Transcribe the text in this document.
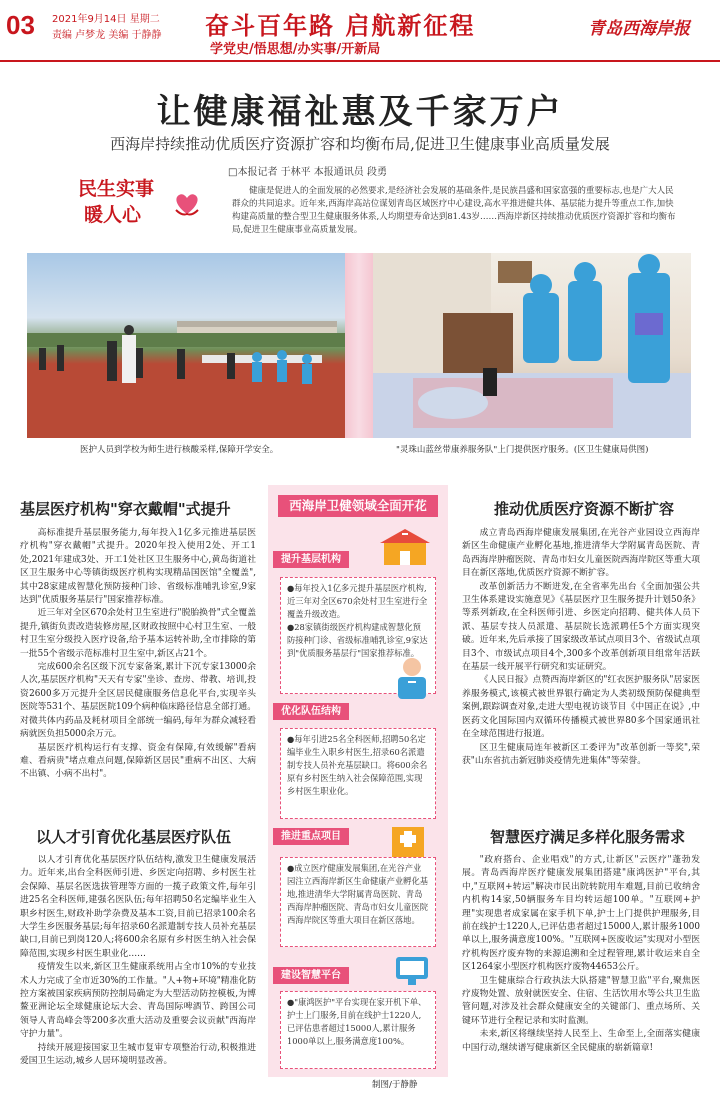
03 2021年9月14日 星期二
责编 卢梦龙 美编 于静静 奋斗百年路 启航新征程
学党史/悟思想/办实事/开新局
青岛西海岸报
让健康福祉惠及千家万户
西海岸持续推动优质医疗资源扩容和均衡布局,促进卫生健康事业高质量发展
□本报记者 于林平 本报通讯员 段勇
民生实事
暖人心
健康是促进人的全面发展的必然要求,是经济社会发展的基础条件,是民族昌盛和国家富强的重要标志,也是广大人民群众的共同追求。近年来,西海岸高站位谋划青岛区域医疗中心建设,高水平推进健共体、基层能力提升等重点工作,加快构建高质量的整合型卫生健康服务体系,人均期望寿命达到81.43岁……西海岸新区持续推动优质医疗资源扩容和均衡布局,促进卫生健康事业高质量发展。
医护人员到学校为师生进行核酸采样,保障开学安全。	"灵珠山蓝丝带康养服务队"上门提供医疗服务。(区卫生健康局供图)
基层医疗机构"穿衣戴帽"式提升

高标准提升基层服务能力,每年投入1亿多元推进基层医疗机构"穿衣戴帽"式提升。2020年投入使用2处、开工1处,2021年建成3处、开工1处社区卫生服务中心,黄岛街道社区卫生服务中心等镇街级医疗机构实现精品国医馆"全覆盖",其中28家建成智慧化预防接种门诊、省级标准哺乳诊室,9家达到"优质服务基层行"国家推荐标准。

近三年对全区670余处村卫生室进行"脱胎换骨"式全覆盖提升,镇街负责改造装修房屋,区财政按照中心村卫生室、一般村卫生室分级投入医疗设备,给予基本运转补助,全市排除的第一批55个省级示范标准村卫生室中,新区占21个。

完成600余名区级下沉专家备案,累计下沉专家13000余人次,基层医疗机构"天天有专家"坐诊、查房、带教、培训,投资2600多万元提升全区居民健康服务信息化平台,实现辛头医院等531个、基层医院109个病种临床路径信息全部打通。对微共体内药品及耗材项目全部统一编码,每年为群众减轻看病就医负担5000余万元。

基层医疗机构运行有支撑、资金有保障,有效缓解"看病难、看病贵"堵点难点问题,保障新区居民"重病不出区、大病不出镇、小病不出村"。

以人才引育优化基层医疗队伍

以人才引育优化基层医疗队伍结构,激发卫生健康发展活力。近年来,出台全科医师引进、乡医定向招聘、乡村医生社会保障、基层名医选拔管理等方面的一揽子政策文件,每年引进25名全科医师,建强名医队伍;每年招聘50名定编毕业生入职乡村医生,财政补助学杂费及基本工资,目前已招录100余名大学生乡医服务基层;每年招录60名派遣制专技人员补充基层缺口,目前已到岗120人;将600余名原有乡村医生纳入社会保障范围,实现乡村医生职业化……

疫情发生以来,新区卫生健康系统用占全市10%的专业技术人力完成了全市近30%的工作量。"人+物+环境"精准化防控方案被国家疾病预防控制局确定为大型活动防控模板,为博鳌亚洲论坛全球健康论坛大会、青岛国际啤酒节、跨国公司领导人青岛峰会等200多次重大活动及重要会议贡献"西海岸守护力量"。

持续开展迎接国家卫生城市复审专项整治行动,积极推进爱国卫生运动,城乡人居环境明显改善。

西海岸卫健领域全面开花
提升基层机构
●每年投入1亿多元提升基层医疗机构,近三年对全区670余处村卫生室进行全覆盖升级改造。
●28家镇街级医疗机构建成智慧化预防接种门诊、省级标准哺乳诊室,9家达到"优质服务基层行"国家推荐标准。
优化队伍结构
●每年引进25名全科医师,招聘50名定编毕业生入职乡村医生,招录60名派遣制专技人员补充基层缺口。将600余名原有乡村医生纳入社会保障范围,实现乡村医生职业化。
推进重点项目
●成立医疗健康发展集团,在光谷产业园注立西海岸新区生命健康产业孵化基地,推进清华大学附属青岛医院、青岛西海岸肿瘤医院、青岛市妇女儿童医院西海岸院区等重大项目在新区落地。
建设智慧平台
●"康鸿医护"平台实现在家开机下单、护士上门服务,目前在线护士1220人,已评估患者超过15000人,累计服务1000单以上,服务满意度100%。
制图/于静静
推动优质医疗资源不断扩容

成立青岛西海岸健康发展集团,在光谷产业园设立西海岸新区生命健康产业孵化基地,推进清华大学附属青岛医院、青岛西海岸肿瘤医院、青岛市妇女儿童医院西海岸院区等重大项目在新区落地,优质医疗资源不断扩容。

改革创新活力不断迸发,在全省率先出台《全面加强公共卫生体系建设实施意见》《基层医疗卫生服务提升计划50条》等系列新政,在全科医师引进、乡医定向招聘、健共体人员下派、基层专技人员派遣、基层院长选派聘任5个方面实现突破。近年来,先后承接了国家级改革试点项目3个、省级试点项目3个、市级试点项目4个,300多个改革创新项目组常年活跃在基层一线开展平行研究和实证研究。

《人民日报》点赞西海岸新区的"红衣医护服务队"居家医养服务模式,该模式被世界银行确定为人类初级预防保健典型案例,跟踪调查对象,走进大型电视访谈节目《中国正在说》,中医药文化国际国内双循环传播模式被世界80多个国家通讯社在全球范围进行报道。

区卫生健康局连年被新区工委评为"改革创新一等奖",荣获"山东省抗击新冠肺炎疫情先进集体"等荣誉。

智慧医疗满足多样化服务需求

"政府搭台、企业唱戏"的方式,让新区"云医疗"蓬勃发展。青岛西海岸医疗健康发展集团搭建"康鸿医护"平台,其中,"互联网+转运"解决市民出院转院用车难题,目前已收纳舍内机构14家,50辆服务车目均转运超100单。"互联网+护理"实现患者成家属在家手机下单,护士上门提供护理服务,目前在线护士1220人,已评估患者超过15000人,累计服务1000单以上,服务满意度100%。"互联网+医废收运"实现对小型医疗机构医疗废弃物的来源追溯和全过程管理,累计收运来自全区1264家小型医疗机构医疗废物44653公斤。

卫生健康综合行政执法大队搭建"智慧卫监"平台,聚焦医疗废物处置、放射就医安全、住宿、生活饮用水等公共卫生监管问题,对涉及社会群众健康安全的关键部门、重点场所、关键环节进行全程记录和实时监测。

未来,新区将继续坚持人民至上、生命至上,全面落实健康中国行动,继续谱写健康新区全民健康的崭新篇章!
